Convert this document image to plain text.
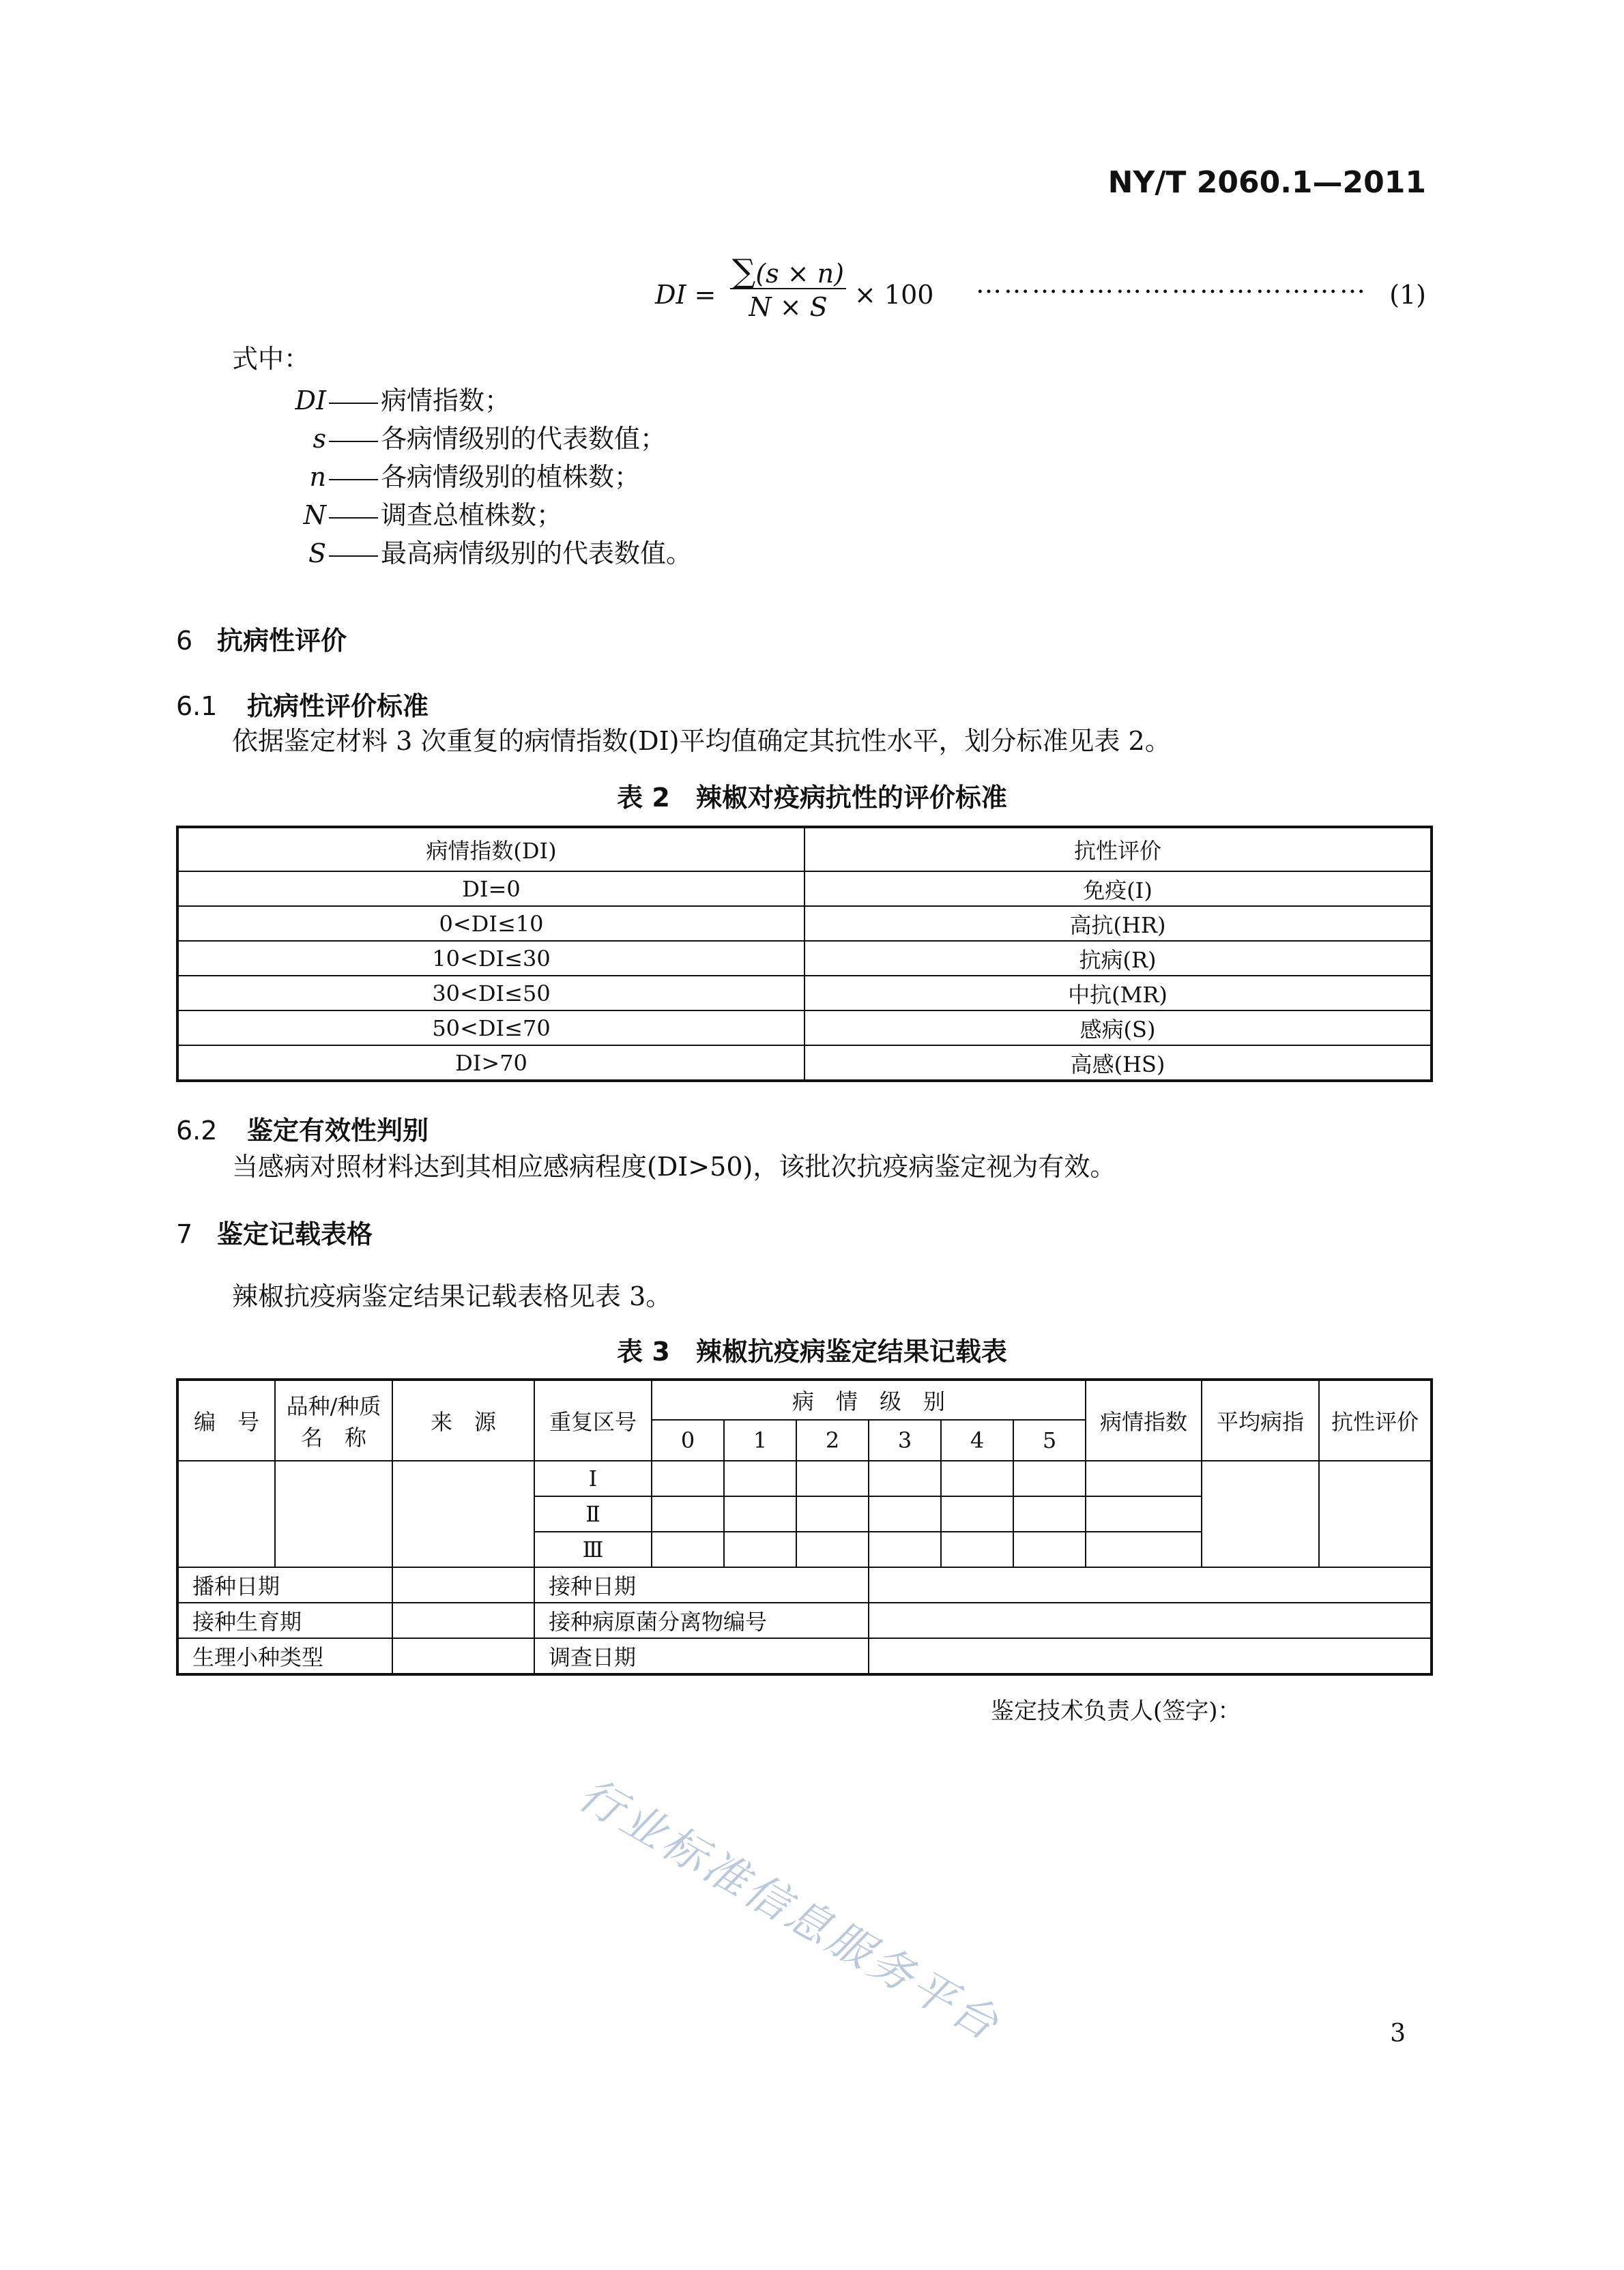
NY/T 2060.1—2011
DI = $\frac{\sum(s \times n)}{N \times S} \times 100$ …………………………………… (1)
式中：
DI 病情指数；
s 各病情级别的代表数值；
n 各病情级别的植株数；
N 调查总植株数；
S 最高病情级别的代表数值。
6 抗病性评价
6.1 抗病性评价标准
依据鉴定材料 3 次重复的病情指数(DI)平均值确定其抗性水平，划分标准见表 2。
表 2　辣椒对疫病抗性的评价标准
病情指数(DI)	抗性评价
DI=0	免疫(I)
0<DI≤10	高抗(HR)
10<DI≤30	抗病(R)
30<DI≤50	中抗(MR)
50<DI≤70	感病(S)
DI>70	高感(HS)
6.2 鉴定有效性判别
当感病对照材料达到其相应感病程度(DI>50)，该批次抗疫病鉴定视为有效。
7 鉴定记载表格
辣椒抗疫病鉴定结果记载表格见表 3。
表 3　辣椒抗疫病鉴定结果记载表
编　号	品种/种质名　称	来　源	重复区号	病　情　级　别						病情指数	平均病指	抗性评价
				0	1	2	3	4	5			
			Ⅰ									
			Ⅱ									
			Ⅲ									
播种日期			接种日期									
接种生育期			接种病原菌分离物编号									
生理小种类型			调查日期									
鉴定技术负责人(签字)：
行业标准信息服务平台	3
